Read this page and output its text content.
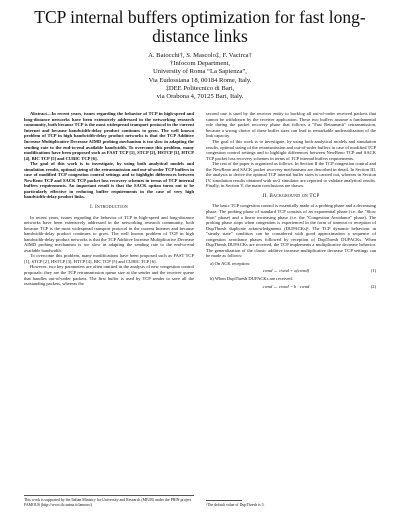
TCP internal buffers optimization for fast long-distance links
A. Baiocchi†, S. Mascolo‡, F. Vacirca†
†Infocom Department,
University of Roma “La Sapienza”,
Via Eudossiana 18, 00184 Rome, Italy.
‡DEE Politecnico di Bari,
via Orabona 4, 70125 Bari, Italy.

Abstract—In recent years, issues regarding the behavior of TCP in high-speed and long-distance networks have been extensively addressed in the networking research community, both because TCP is the most widespread transport protocol in the current Internet and because bandwidth-delay product continues to grow. The well known problem of TCP in high bandwidth-delay product networks is that the TCP Additive Increase Multiplicative Decrease AIMD probing mechanism is too slow in adapting the sending rate to the end-to-end available bandwidth. To overcome this problem, many modifications have been proposed such as FAST TCP [1], STCP [2], HSTCP [3], HTCP [4], BIC TCP [5] and CUBIC TCP [6].

The goal of this work is to investigate, by using both analytical models and simulation results, optimal sizing of the retransmission and out-of-order TCP buffers in case of modified TCP congestion control settings and to highlight differences between NewReno TCP and SACK TCP packet loss recovery schemes in terms of TCP internal buffers requirements. An important result is that the SACK option turns out to be particularly effective in reducing buffer requirements in the case of very high bandwidth-delay product links.

I. Introduction

In recent years, issues regarding the behavior of TCP in high-speed and long-distance networks have been extensively addressed in the networking research community, both because TCP is the most widespread transport protocol in the current Internet and because bandwidth-delay product continues to grow. The well known problem of TCP in high bandwidth-delay product networks is that the TCP Additive Increase Multiplicative Decrease AIMD probing mechanism is too slow in adapting the sending rate to the end-to-end available bandwidth.

To overcome this problem, many modifications have been proposed such as FAST TCP [1], STCP [2], HSTCP [3], HTCP [4], BIC TCP [5] and CUBIC TCP [6].

However, two key parameters are often omitted in the analysis of new congestion control proposals: they are the TCP retransmission queue size at the sender and the receiver queue that handles out-of-order packets. The first buffer is used by TCP sender to save all the outstanding packets, whereas the

second one is used by the receiver entity to backlog all out-of-order received packets that cannot be withdrawn by the receiver application. These two buffers assume a fundamental role during the packet recovery phase that follows a "Fast Retransmit" retransmission, because a wrong choice of these buffer sizes can lead to remarkable underutilization of the link capacity.

The goal of this work is to investigate, by using both analytical models and simulation results, optimal sizing of the retransmission and out-of-order buffers in case of modified TCP congestion control settings and to highlight differences between NewReno TCP and SACK TCP packet loss recovery schemes in terms of TCP internal buffers requirements.

The rest of the paper is organized as follows. In Section II the TCP congestion control and the NewReno and SACK packet recovery mechanisms are described in detail. In Section III, the analysis to derive the optimal TCP internal buffer sizes is carried out, whereas in Section IV, simulation results obtained with ns-2 simulator are reported to validate analytical results. Finally, in Section V, the main conclusions are drawn.

II. Background on TCP

The basic TCP congestion control is essentially made of a probing phase and a decreasing phase. The probing phase of standard TCP consists of an exponential phase (i.e. the "Slow Start" phase) and a linear increasing phase (i.e. the "Congestion Avoidance" phase). The probing phase stops when congestion is experienced in the form of timeout or reception of DupThresh duplicate acknowledgments (DUPACKs)¹. The TCP dynamic behaviour in "steady state" condition can be considered with good approximation a sequence of congestion avoidance phases followed by reception of DupThresh DUPACKs. When DupThresh DUPACKs are received, the TCP implements a multiplicative decrease behavior. The generalization of the classic additive increase multiplicative decrease TCP settings can be made as follows:

a) On ACK reception:
cwnd ← cwnd + a(cwnd)	(1)
b) When DupThresh DUPACKs are received:
cwnd ← cwnd − b · cwnd	(2)
This work is supported by the Italian Ministry for University and Research (MIUR) under the PRIN project FAMOUS (http://www.tlc.unina.it/famous/)	¹The default value of DupThresh is 3.
